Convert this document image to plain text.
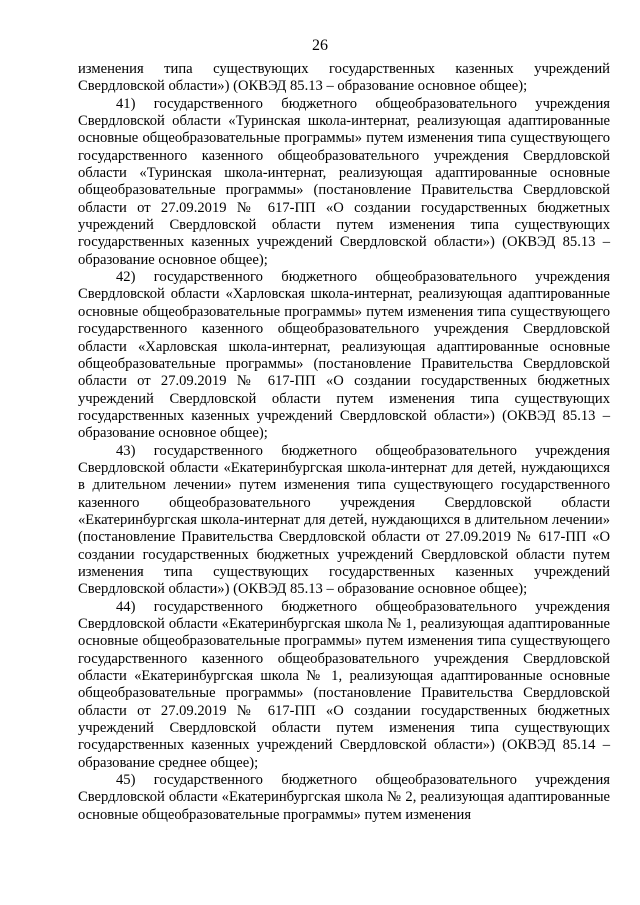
26

изменения типа существующих государственных казенных учреждений Свердловской области») (ОКВЭД 85.13 – образование основное общее);

41) государственного бюджетного общеобразовательного учреждения Свердловской области «Туринская школа-интернат, реализующая адаптированные основные общеобразовательные программы» путем изменения типа существующего государственного казенного общеобразовательного учреждения Свердловской области «Туринская школа-интернат, реализующая адаптированные основные общеобразовательные программы» (постановление Правительства Свердловской области от 27.09.2019 № 617-ПП «О создании государственных бюджетных учреждений Свердловской области путем изменения типа существующих государственных казенных учреждений Свердловской области») (ОКВЭД 85.13 – образование основное общее);

42) государственного бюджетного общеобразовательного учреждения Свердловской области «Харловская школа-интернат, реализующая адаптированные основные общеобразовательные программы» путем изменения типа существующего государственного казенного общеобразовательного учреждения Свердловской области «Харловская школа-интернат, реализующая адаптированные основные общеобразовательные программы» (постановление Правительства Свердловской области от 27.09.2019 № 617-ПП «О создании государственных бюджетных учреждений Свердловской области путем изменения типа существующих государственных казенных учреждений Свердловской области») (ОКВЭД 85.13 – образование основное общее);

43) государственного бюджетного общеобразовательного учреждения Свердловской области «Екатеринбургская школа-интернат для детей, нуждающихся в длительном лечении» путем изменения типа существующего государственного казенного общеобразовательного учреждения Свердловской области «Екатеринбургская школа-интернат для детей, нуждающихся в длительном лечении» (постановление Правительства Свердловской области от 27.09.2019 № 617-ПП «О создании государственных бюджетных учреждений Свердловской области путем изменения типа существующих государственных казенных учреждений Свердловской области») (ОКВЭД 85.13 – образование основное общее);

44) государственного бюджетного общеобразовательного учреждения Свердловской области «Екатеринбургская школа № 1, реализующая адаптированные основные общеобразовательные программы» путем изменения типа существующего государственного казенного общеобразовательного учреждения Свердловской области «Екатеринбургская школа № 1, реализующая адаптированные основные общеобразовательные программы» (постановление Правительства Свердловской области от 27.09.2019 № 617-ПП «О создании государственных бюджетных учреждений Свердловской области путем изменения типа существующих государственных казенных учреждений Свердловской области») (ОКВЭД 85.14 – образование среднее общее);

45) государственного бюджетного общеобразовательного учреждения Свердловской области «Екатеринбургская школа № 2, реализующая адаптированные основные общеобразовательные программы» путем изменения
